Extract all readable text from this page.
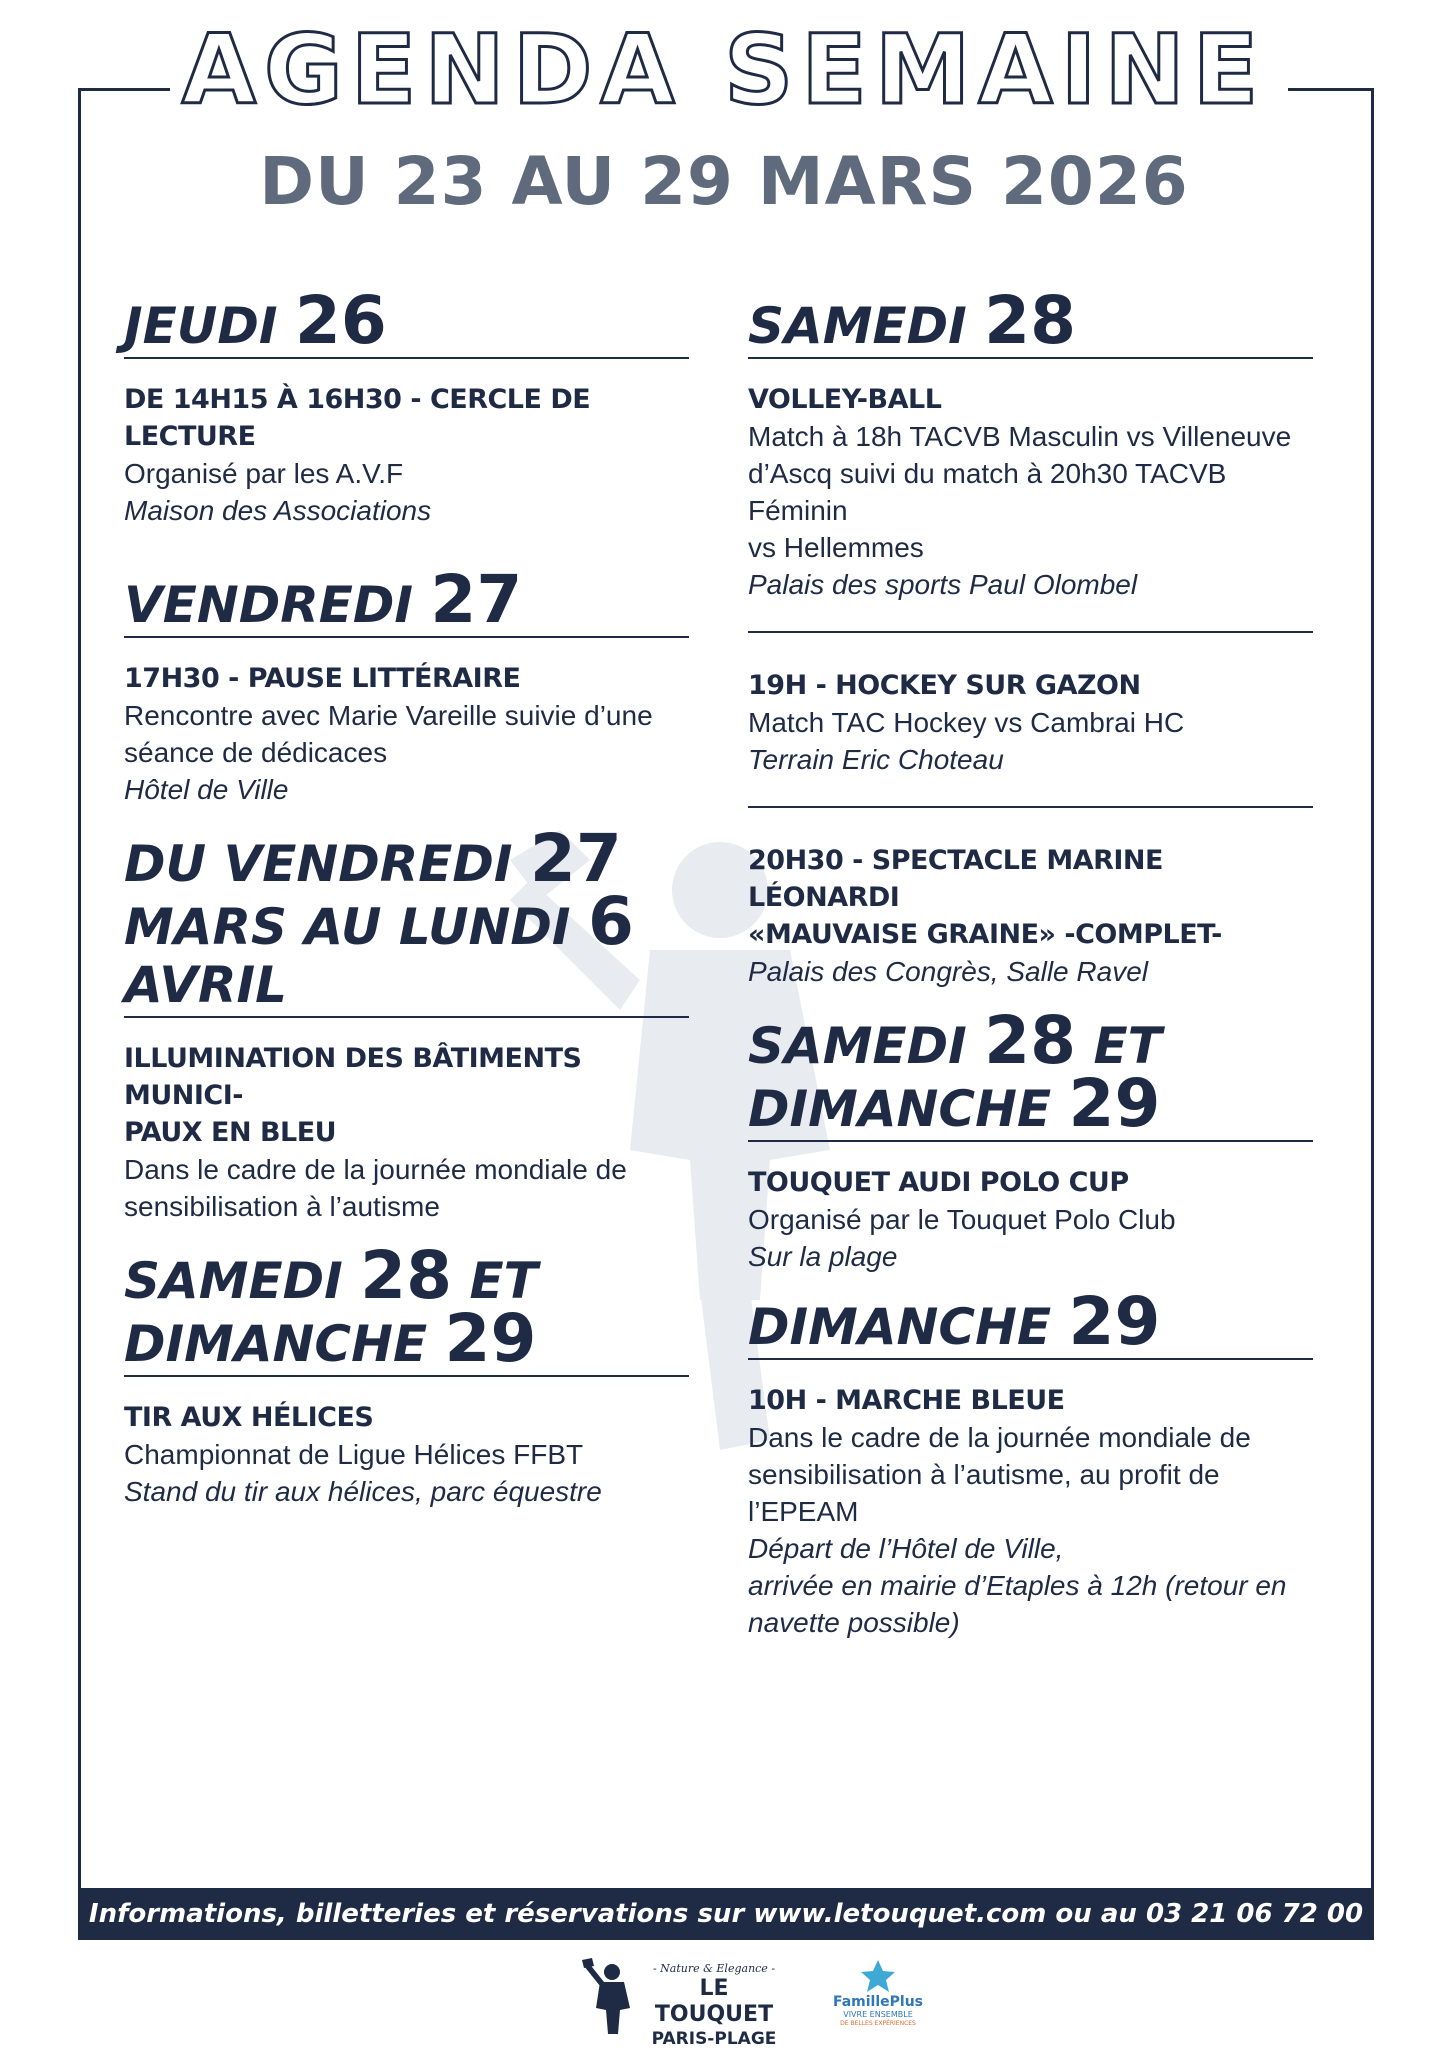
AGENDA SEMAINE
DU 23 AU 29 MARS 2026
JEUDI 26

DE 14H15 À 16H30 - CERCLE DE LECTURE

Organisé par les A.V.F

Maison des Associations

VENDREDI 27

17H30 - PAUSE LITTÉRAIRE

Rencontre avec Marie Vareille suivie d’une

séance de dédicaces

Hôtel de Ville

DU VENDREDI 27
MARS AU LUNDI 6
AVRIL

ILLUMINATION DES BÂTIMENTS MUNICI-

PAUX EN BLEU

Dans le cadre de la journée mondiale de

sensibilisation à l’autisme

SAMEDI 28 ET
DIMANCHE 29

TIR AUX HÉLICES

Championnat de Ligue Hélices FFBT

Stand du tir aux hélices, parc équestre

SAMEDI 28

VOLLEY-BALL

Match à 18h TACVB Masculin vs Villeneuve

d’Ascq suivi du match à 20h30 TACVB Féminin

vs Hellemmes

Palais des sports Paul Olombel

19H - HOCKEY SUR GAZON

Match TAC Hockey vs Cambrai HC

Terrain Eric Choteau

20H30 - SPECTACLE MARINE LÉONARDI

«MAUVAISE GRAINE» -COMPLET-

Palais des Congrès, Salle Ravel

SAMEDI 28 ET
DIMANCHE 29

TOUQUET AUDI POLO CUP

Organisé par le Touquet Polo Club

Sur la plage

DIMANCHE 29

10H - MARCHE BLEUE

Dans le cadre de la journée mondiale de

sensibilisation à l’autisme, au profit de l’EPEAM

Départ de l’Hôtel de Ville,

arrivée en mairie d’Etaples à 12h (retour en

navette possible)

Informations, billetteries et réservations sur www.letouquet.com ou au 03 21 06 72 00
- Nature & Elegance -
LE TOUQUET
PARIS-PLAGE
FamillePlus
VIVRE ENSEMBLE
DE BELLES EXPÉRIENCES
